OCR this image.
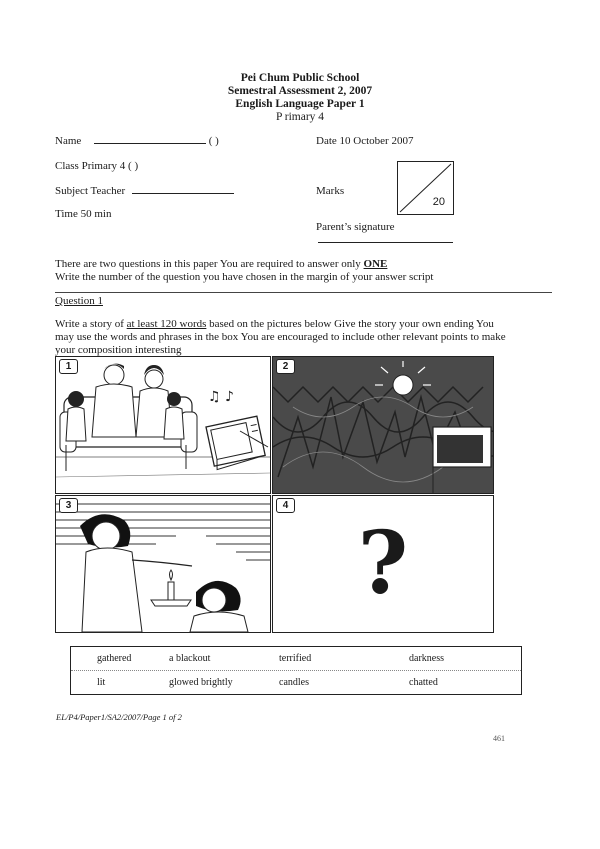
Pei Chum Public School
Semestral Assessment 2, 2007
English Language Paper 1
P rimary 4
Name	( )
Class Primary 4 ( )
Subject Teacher
Time 50 min
Date 10 October 2007
Marks
20
Parent’s signature
There are two questions in this paper You are required to answer only ONE
Write the number of the question you have chosen in the margin of your answer script
Question 1
Write a story of at least 120 words based on the pictures below Give the story your own ending You may use the words and phrases in the box You are encouraged to include other relevant points to make your composition interesting
♫ ♪
1	2
3
?
4
gathered	a blackout	terrified	darkness
lit	glowed brightly	candles	chatted
EL/P4/Paper1/SA2/2007/Page 1 of 2
461
